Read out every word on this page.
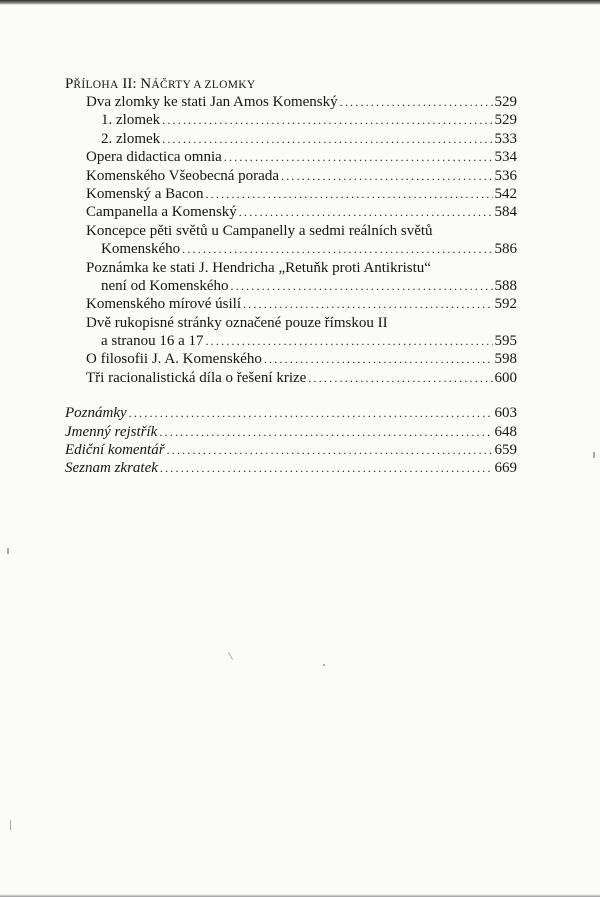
PŘÍLOHA II: NÁČRTY A ZLOMKY
Dva zlomky ke stati Jan Amos Komenský . . .	529
1. zlomek . . .	529
2. zlomek . . .	533
Opera didactica omnia . . .	534
Komenského Všeobecná porada . . .	536
Komenský a Bacon . . .	542
Campanella a Komenský . . .	584
Koncepce pěti světů u Campanelly a sedmi reálních světů
Komenského . . .	586
Poznámka ke stati J. Hendricha „Retuňk proti Antikristu“
není od Komenského . . .	588
Komenského mírové úsilí . . .	592
Dvě rukopisné stránky označené pouze římskou II
a stranou 16 a 17 . . .	595
O filosofii J. A. Komenského . . .	598
Tři racionalistická díla o řešení krize . . .	600
Poznámky . . .	603
Jmenný rejstřík . . .	648
Ediční komentář . . .	659
Seznam zkratek . . .	669
